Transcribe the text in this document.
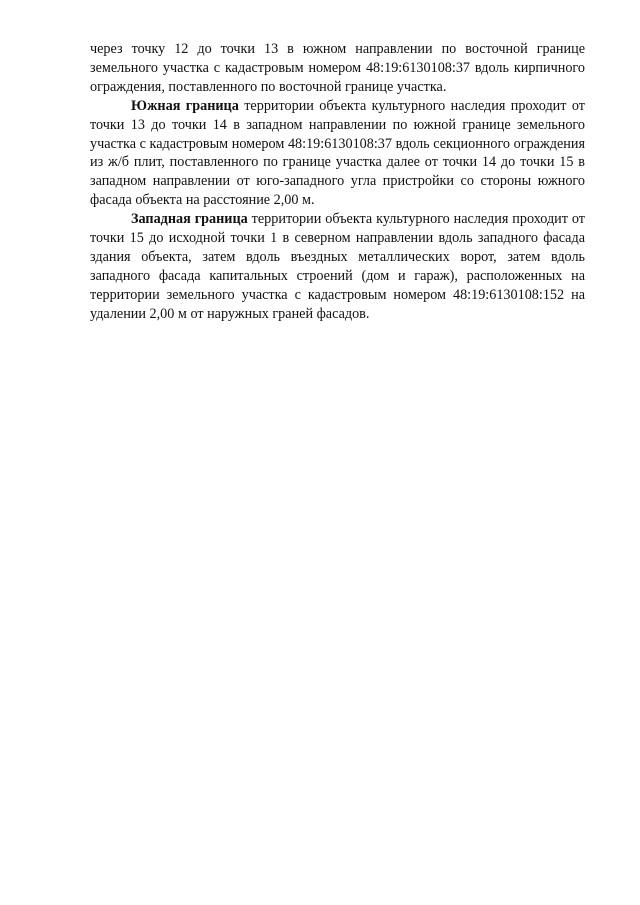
через точку 12 до точки 13 в южном направлении по восточной границе земельного участка с кадастровым номером 48:19:6130108:37 вдоль кирпичного ограждения, поставленного по восточной границе участка.

Южная граница территории объекта культурного наследия проходит от точки 13 до точки 14 в западном направлении по южной границе земельного участка с кадастровым номером 48:19:6130108:37 вдоль секционного ограждения из ж/б плит, поставленного по границе участка далее от точки 14 до точки 15 в западном направлении от юго-западного угла пристройки со стороны южного фасада объекта на расстояние 2,00 м.

Западная граница территории объекта культурного наследия проходит от точки 15 до исходной точки 1 в северном направлении вдоль западного фасада здания объекта, затем вдоль въездных металлических ворот, затем вдоль западного фасада капитальных строений (дом и гараж), расположенных на территории земельного участка с кадастровым номером 48:19:6130108:152 на удалении 2,00 м от наружных граней фасадов.
